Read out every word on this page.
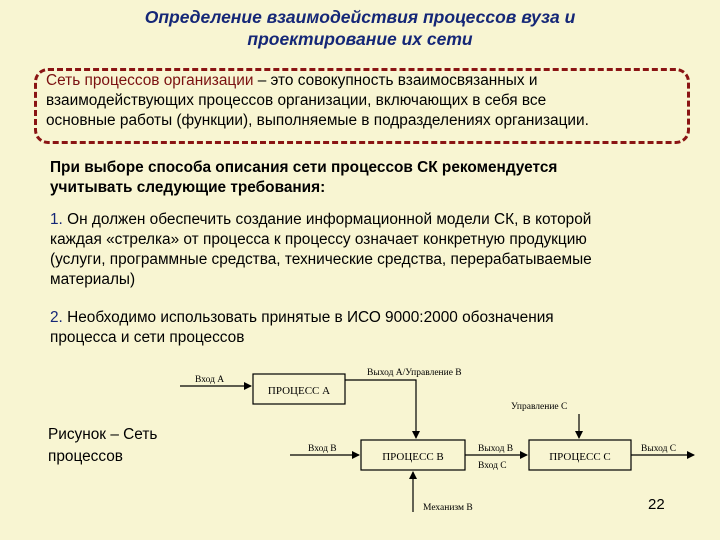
Определение взаимодействия процессов вуза и
проектирование их сети
Сеть процессов организации – это совокупность взаимосвязанных и
взаимодействующих процессов организации, включающих в себя все
основные работы (функции), выполняемые в подразделениях организации.
При выборе способа описания сети процессов СК рекомендуется
учитывать следующие требования:
1. Он должен обеспечить создание информационной модели СК, в которой
каждая «стрелка» от процесса к процессу означает конкретную продукцию
(услуги, программные средства, технические средства, перерабатываемые
материалы)
2. Необходимо использовать принятые в ИСО 9000:2000 обозначения
процесса и сети процессов
Рисунок – Сеть
процессов
Вход А
ПРОЦЕСС А
Выход А/Управление В
Вход В
ПРОЦЕСС В
Механизм В
Выход В
Вход С
Управление С
ПРОЦЕСС С
Выход С
22
